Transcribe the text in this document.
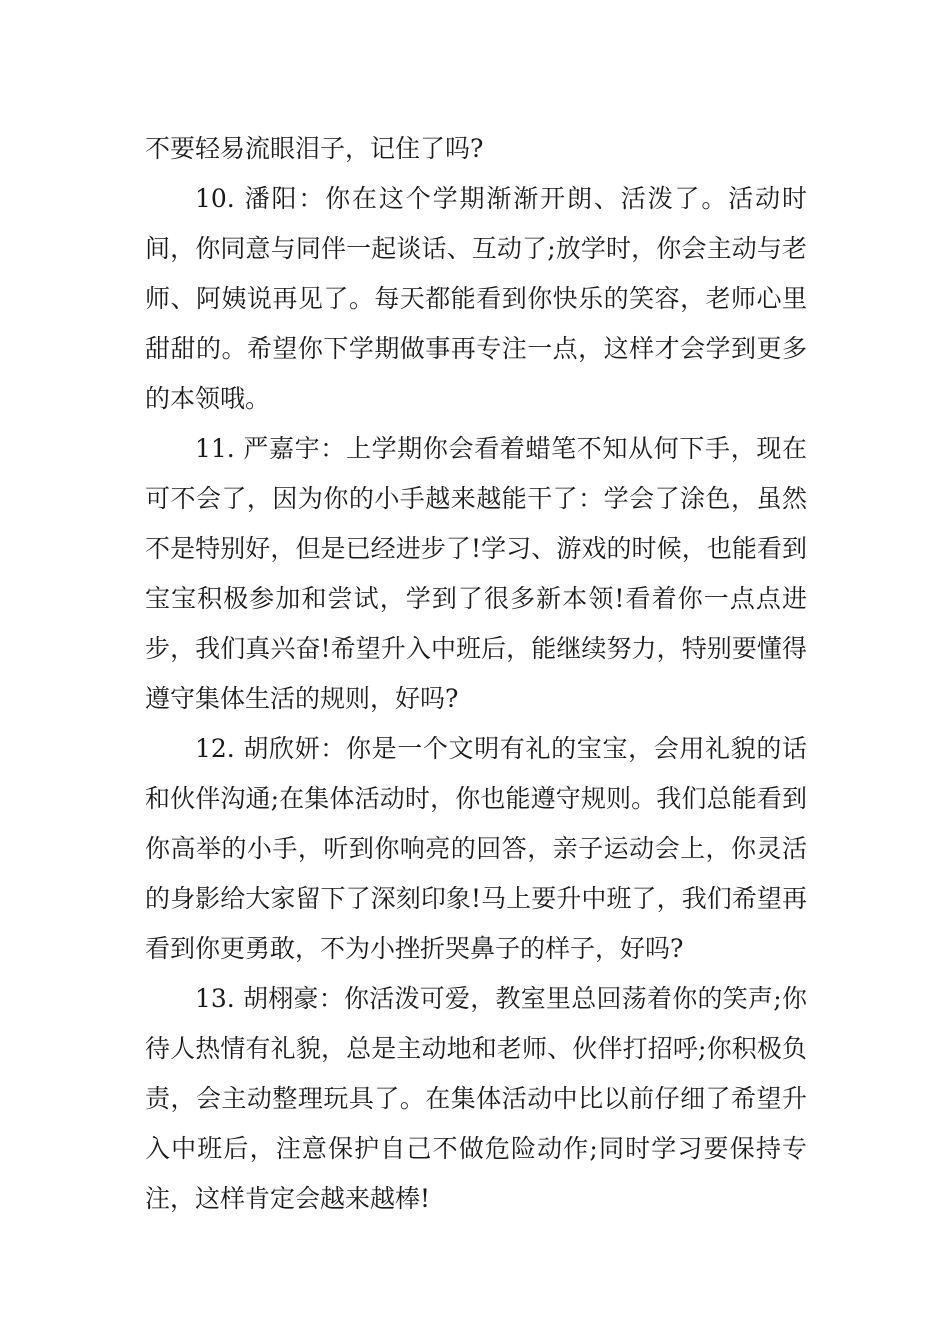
不要轻易流眼泪子，记住了吗?

10. 潘阳：你在这个学期渐渐开朗、活泼了。活动时间，你同意与同伴一起谈话、互动了;放学时，你会主动与老师、阿姨说再见了。每天都能看到你快乐的笑容，老师心里甜甜的。希望你下学期做事再专注一点，这样才会学到更多的本领哦。

11. 严嘉宇：上学期你会看着蜡笔不知从何下手，现在可不会了，因为你的小手越来越能干了：学会了涂色，虽然不是特别好，但是已经进步了!学习、游戏的时候，也能看到宝宝积极参加和尝试，学到了很多新本领!看着你一点点进步，我们真兴奋!希望升入中班后，能继续努力，特别要懂得遵守集体生活的规则，好吗?

12. 胡欣妍：你是一个文明有礼的宝宝，会用礼貌的话和伙伴沟通;在集体活动时，你也能遵守规则。我们总能看到你高举的小手，听到你响亮的回答，亲子运动会上，你灵活的身影给大家留下了深刻印象!马上要升中班了，我们希望再看到你更勇敢，不为小挫折哭鼻子的样子，好吗?

13. 胡栩豪：你活泼可爱，教室里总回荡着你的笑声;你待人热情有礼貌，总是主动地和老师、伙伴打招呼;你积极负责，会主动整理玩具了。在集体活动中比以前仔细了希望升入中班后，注意保护自己不做危险动作;同时学习要保持专注，这样肯定会越来越棒!
